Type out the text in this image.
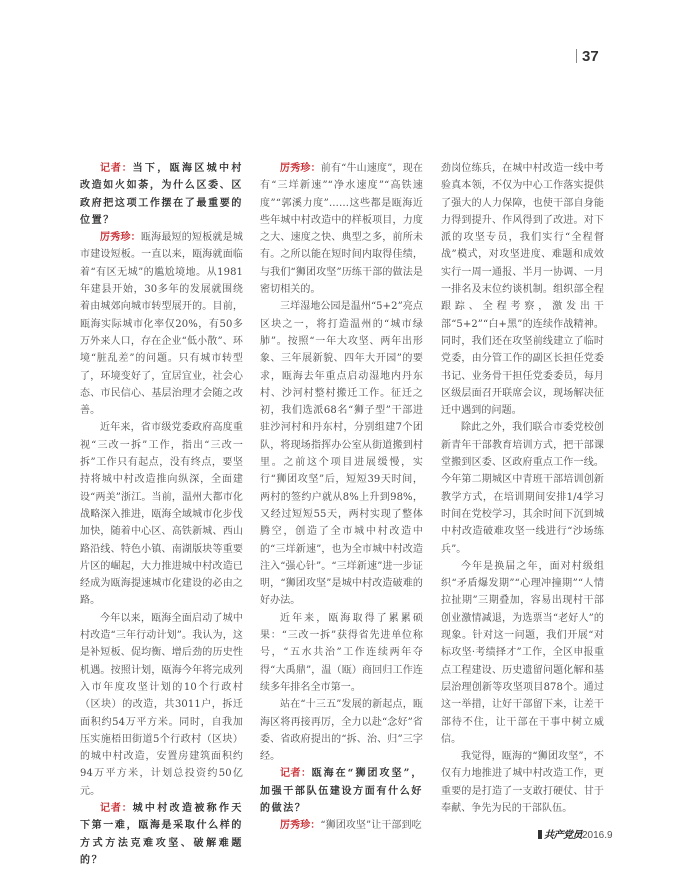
37

记者：当下，瓯海区城中村改造如火如荼，为什么区委、区政府把这项工作摆在了最重要的位置？

厉秀珍：瓯海最短的短板就是城市建设短板。一直以来，瓯海就面临着“有区无城”的尴尬境地。从1981年建县开始，30多年的发展就围绕着由城郊向城市转型展开的。目前，瓯海实际城市化率仅20%，有50多万外来人口，存在企业“低小散”、环境“脏乱差”的问题。只有城市转型了，环境变好了，宜居宜业，社会心态、市民信心、基层治理才会随之改善。

近年来，省市级党委政府高度重视“三改一拆”工作，指出“三改一拆”工作只有起点，没有终点，要坚持将城中村改造推向纵深，全面建设“两美”浙江。当前，温州大都市化战略深入推进，瓯海全域城市化步伐加快，随着中心区、高铁新城、西山路沿线、特色小镇、南湖版块等重要片区的崛起，大力推进城中村改造已经成为瓯海提速城市化建设的必由之路。

今年以来，瓯海全面启动了城中村改造“三年行动计划”。我认为，这是补短板、促均衡、增后劲的历史性机遇。按照计划，瓯海今年将完成列入市年度攻坚计划的10个行政村（区块）的改造，共3011户，拆迁面积约54万平方米。同时，自我加压实施梧田街道5个行政村（区块）的城中村改造，安置房建筑面积约94万平方米，计划总投资约50亿元。

记者：城中村改造被称作天下第一难，瓯海是采取什么样的方式方法克难攻坚、破解难题的？

厉秀珍：前有“牛山速度”，现在有“三垟新速”“净水速度”“高铁速度”“郭溪力度”……这些都是瓯海近些年城中村改造中的样板项目，力度之大、速度之快、典型之多，前所未有。之所以能在短时间内取得佳绩，与我们“狮团攻坚”历练干部的做法是密切相关的。

三垟湿地公园是温州“5+2”亮点区块之一，将打造温州的“城市绿肺”。按照“一年大攻坚、两年出形象、三年展新貌、四年大开园”的要求，瓯海去年重点启动湿地内丹东村、沙河村整村搬迁工作。征迁之初，我们选派68名“狮子型”干部进驻沙河村和丹东村，分别组建7个团队，将现场指挥办公室从街道搬到村里。之前这个项目进展缓慢，实行“狮团攻坚”后，短短39天时间，两村的签约户就从8%上升到98%，又经过短短55天，两村实现了整体腾空，创造了全市城中村改造中的“三垟新速”，也为全市城中村改造注入“强心针”。“三垟新速”进一步证明，“狮团攻坚”是城中村改造破难的好办法。

近年来，瓯海取得了累累硕果：“三改一拆”获得省先进单位称号，“五水共治”工作连续两年夺得“大禹鼎”，温（瓯）商回归工作连续多年排名全市第一。

站在“十三五”发展的新起点，瓯海区将再接再厉，全力以赴“念好”省委、省政府提出的“拆、治、归”三字经。

记者：瓯海在“狮团攻坚”，加强干部队伍建设方面有什么好的做法？

厉秀珍：“狮团攻坚”让干部到吃

劲岗位练兵，在城中村改造一线中考验真本领，不仅为中心工作落实提供了强大的人力保障，也使干部自身能力得到提升、作风得到了改进。对下派的攻坚专员，我们实行“全程督战”模式，对攻坚进度、难题和成效实行一周一通报、半月一协调、一月一排名及末位约谈机制。组织部全程跟踪、全程考察，激发出干部“5+2”“白+黑”的连续作战精神。同时，我们还在攻坚前线建立了临时党委，由分管工作的副区长担任党委书记、业务骨干担任党委委员，每月区级层面召开联席会议，现场解决征迁中遇到的问题。

除此之外，我们联合市委党校创新青年干部教育培训方式，把干部课堂搬到区委、区政府重点工作一线。今年第二期城区中青班干部培训创新教学方式，在培训期间安排1/4学习时间在党校学习，其余时间下沉到城中村改造破难攻坚一线进行“沙场练兵”。

今年是换届之年，面对村级组织“矛盾爆发期”“心理冲撞期”“人情拉扯期”三期叠加，容易出现村干部创业激情减退，为选票当“老好人”的现象。针对这一问题，我们开展“对标攻坚·考绩择才”工作，全区申报重点工程建设、历史遗留问题化解和基层治理创新等攻坚项目878个。通过这一举措，让好干部留下来，让差干部待不住，让干部在干事中树立威信。

我觉得，瓯海的“狮团攻坚”，不仅有力地推进了城中村改造工作，更重要的是打造了一支敢打硬仗、甘于奉献、争先为民的干部队伍。

共产党员2016.9
